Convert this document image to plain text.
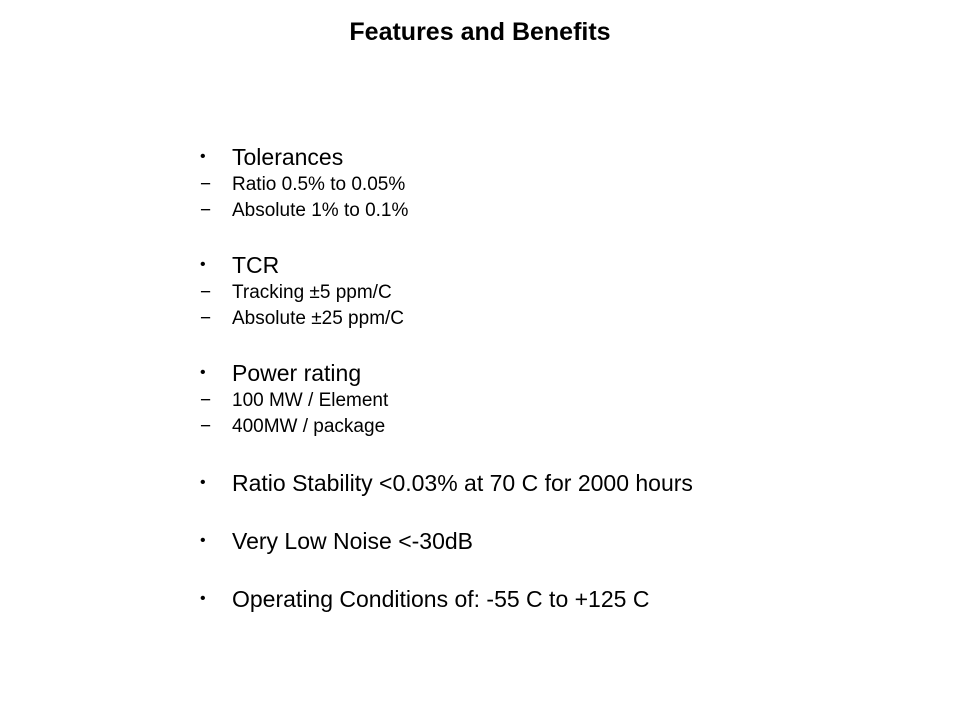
Features and Benefits
•	Tolerances
−	Ratio 0.5% to 0.05%
−	Absolute 1% to 0.1%
•	TCR
−	Tracking ±5 ppm/C
−	Absolute ±25 ppm/C
•	Power rating
−	100 MW / Element
−	400MW / package
•	Ratio Stability <0.03% at 70 C for 2000 hours
•	Very Low Noise <-30dB
•	Operating Conditions of: -55 C to +125 C
